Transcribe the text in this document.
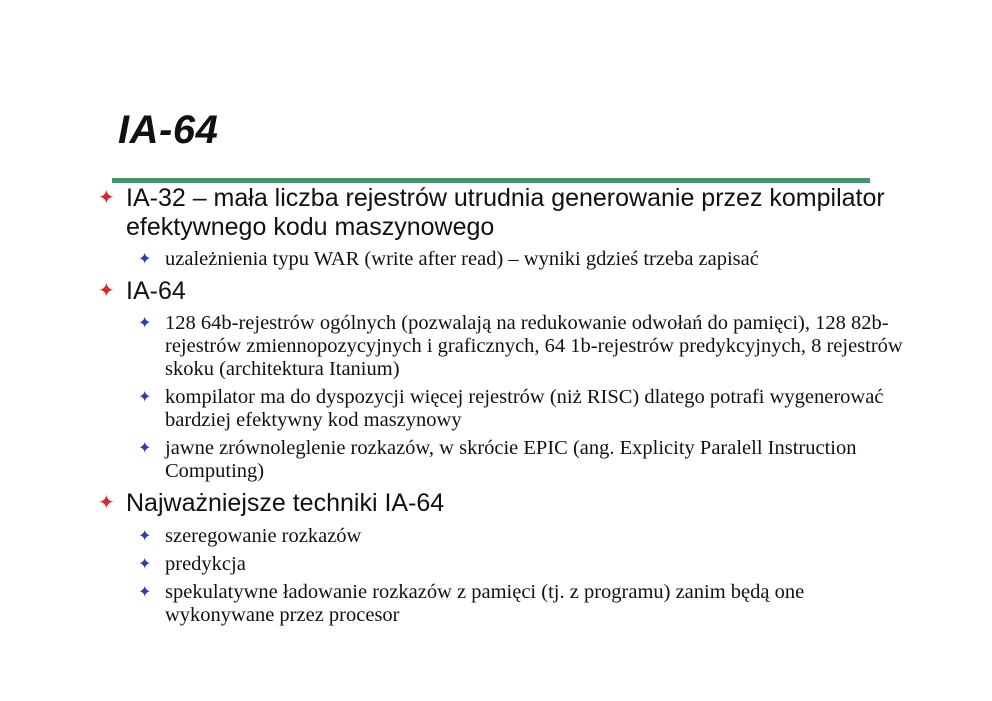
IA-64

✦ IA-32 – mała liczba rejestrów utrudnia generowanie przez kompilator efektywnego kodu maszynowego

✦ uzależnienia typu WAR (write after read) – wyniki gdzieś trzeba zapisać

✦ IA-64

✦ 128 64b-rejestrów ogólnych (pozwalają na redukowanie odwołań do pamięci), 128 82b-rejestrów zmiennopozycyjnych i graficznych, 64 1b-rejestrów predykcyjnych, 8 rejestrów skoku (architektura Itanium)

✦ kompilator ma do dyspozycji więcej rejestrów (niż RISC) dlatego potrafi wygenerować bardziej efektywny kod maszynowy

✦ jawne zrównoleglenie rozkazów, w skrócie EPIC (ang. Explicity Paralell Instruction Computing)

✦ Najważniejsze techniki IA-64

✦ szeregowanie rozkazów

✦ predykcja

✦ spekulatywne ładowanie rozkazów z pamięci (tj. z programu) zanim będą one wykonywane przez procesor
